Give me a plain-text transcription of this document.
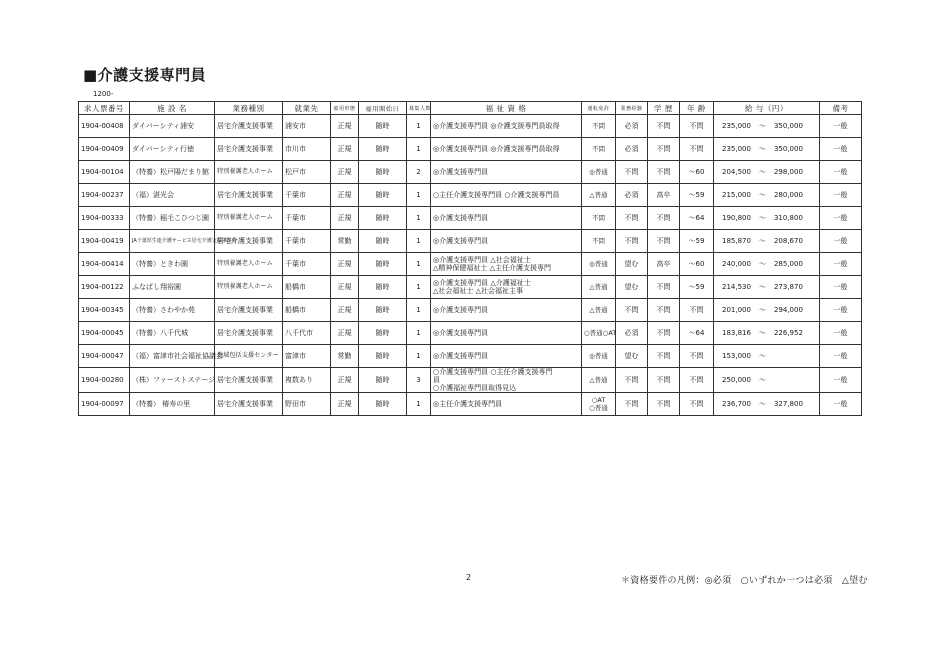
■介護支援専門員
1200-
求人票番号	施 設 名	業務種別	就業先	雇用形態	雇用開始日	募集人数	福 祉 資 格	運転免許	業務経験	学 歴	年 齢	給 与（円）	備考
1904-00408	ダイバーシティ浦安	居宅介護支援事業	浦安市	正規	随時	1	◎介護支援専門員 ◎介護支援専門員取得	不問	必須	不問	不問	235,000 ～ 350,000	一般
1904-00409	ダイバーシティ行徳	居宅介護支援事業	市川市	正規	随時	1	◎介護支援専門員 ◎介護支援専門員取得	不問	必須	不問	不問	235,000 ～ 350,000	一般
1904-00104	（特養）松戸陽だまり館	特別養護老人ホーム	松戸市	正規	随時	2	◎介護支援専門員	◎普通	不問	不問	～60	204,500 ～ 298,000	一般
1904-00237	（福）湛光会	居宅介護支援事業	千葉市	正規	随時	1	○主任介護支援専門員 ○介護支援専門員	△普通	必須	高卒	～59	215,000 ～ 280,000	一般
1904-00333	（特養）稲毛こひつじ園	特別養護老人ホーム	千葉市	正規	随時	1	◎介護支援専門員	不問	不問	不問	～64	190,800 ～ 310,800	一般
1904-00419	JA千葉厚生連介護サービス居宅介護支援事業所	居宅介護支援事業	千葉市	常勤	随時	1	◎介護支援専門員	不問	不問	不問	～59	185,870 ～ 208,670	一般
1904-00414	（特養）ときわ園	特別養護老人ホーム	千葉市	正規	随時	1	◎介護支援専門員 △社会福祉士
△精神保健福祉士 △主任介護支援専門	◎普通	望む	高卒	～60	240,000 ～ 285,000	一般
1904-00122	ふなばし翔裕園	特別養護老人ホーム	船橋市	正規	随時	1	◎介護支援専門員 △介護福祉士
△社会福祉士 △社会福祉主事	△普通	望む	不問	～59	214,530 ～ 273,870	一般
1904-00345	（特養）さわやか苑	居宅介護支援事業	船橋市	正規	随時	1	◎介護支援専門員	△普通	不問	不問	不問	201,000 ～ 294,000	一般
1904-00045	（特養）八千代城	居宅介護支援事業	八千代市	正規	随時	1	◎介護支援専門員	○普通○AT	必須	不問	～64	183,816 ～ 226,952	一般
1904-00047	（福）富津市社会福祉協議会	地域包括支援センター	富津市	常勤	随時	1	◎介護支援専門員	◎普通	望む	不問	不問	153,000 ～	一般
1904-00280	（株）ファーストステージ	居宅介護支援事業	複数あり	正規	随時	3	○介護支援専門員 ○主任介護支援専門
員
○介護福祉専門員取得見込	△普通	不問	不問	不問	250,000 ～	一般
1904-00097	（特養） 椿寿の里	居宅介護支援事業	野田市	正規	随時	1	◎主任介護支援専門員	○AT
○普通	不問	不問	不問	236,700 ～ 327,800	一般
2	＊資格要件の凡例：◎必須　○いずれか一つは必須　△望む
